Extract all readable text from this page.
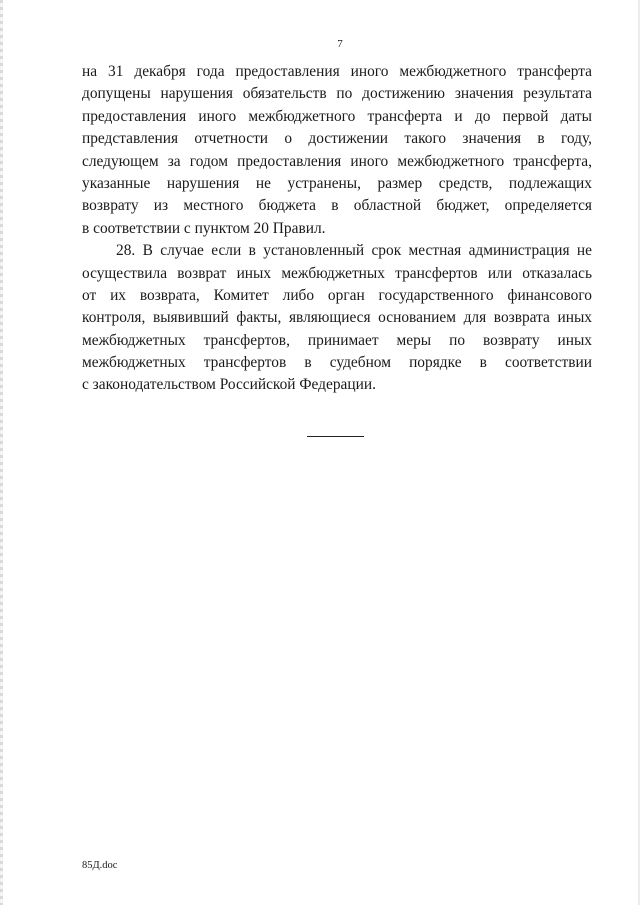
7
на 31 декабря года предоставления иного межбюджетного трансферта
допущены нарушения обязательств по достижению значения результата
предоставления иного межбюджетного трансферта и до первой даты
представления отчетности о достижении такого значения в году,
следующем за годом предоставления иного межбюджетного трансферта,
указанные нарушения не устранены, размер средств, подлежащих
возврату из местного бюджета в областной бюджет, определяется
в соответствии с пунктом 20 Правил.
28. В случае если в установленный срок местная администрация не
осуществила возврат иных межбюджетных трансфертов или отказалась
от их возврата, Комитет либо орган государственного финансового
контроля, выявивший факты, являющиеся основанием для возврата иных
межбюджетных трансфертов, принимает меры по возврату иных
межбюджетных трансфертов в судебном порядке в соответствии
с законодательством Российской Федерации.
85Д.doc
